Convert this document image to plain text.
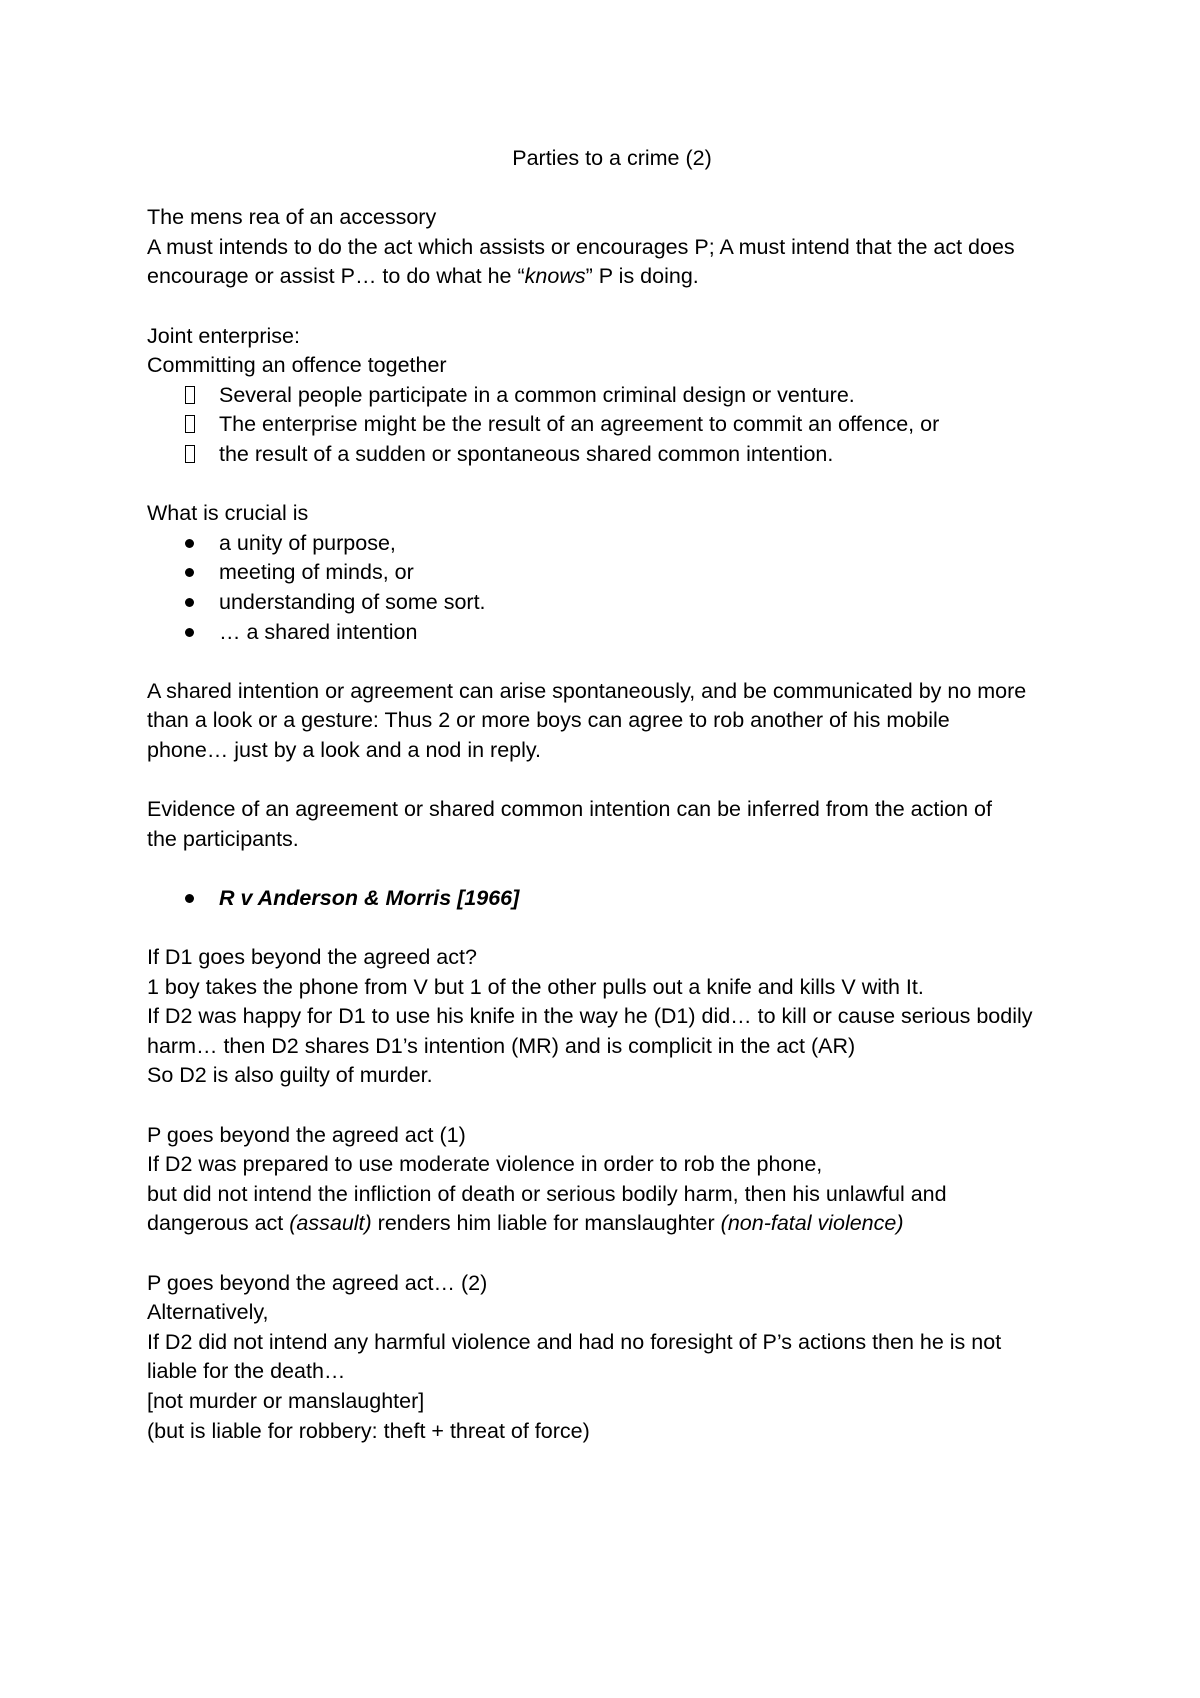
Parties to a crime (2)

The mens rea of an accessory

A must intends to do the act which assists or encourages P; A must intend that the act does

encourage or assist P… to do what he “knows” P is doing.

Joint enterprise:

Committing an offence together

Several people participate in a common criminal design or venture.
The enterprise might be the result of an agreement to commit an offence, or
the result of a sudden or spontaneous shared common intention.

What is crucial is

a unity of purpose,
meeting of minds, or
understanding of some sort.
… a shared intention

A shared intention or agreement can arise spontaneously, and be communicated by no more

than a look or a gesture: Thus 2 or more boys can agree to rob another of his mobile

phone… just by a look and a nod in reply.

Evidence of an agreement or shared common intention can be inferred from the action of

the participants.

R v Anderson & Morris [1966]

If D1 goes beyond the agreed act?

1 boy takes the phone from V but 1 of the other pulls out a knife and kills V with It.

If D2 was happy for D1 to use his knife in the way he (D1) did… to kill or cause serious bodily

harm… then D2 shares D1’s intention (MR) and is complicit in the act (AR)

So D2 is also guilty of murder.

P goes beyond the agreed act (1)

If D2 was prepared to use moderate violence in order to rob the phone,

but did not intend the infliction of death or serious bodily harm, then his unlawful and

dangerous act (assault) renders him liable for manslaughter (non-fatal violence)

P goes beyond the agreed act… (2)

Alternatively,

If D2 did not intend any harmful violence and had no foresight of P’s actions then he is not

liable for the death…

[not murder or manslaughter]

(but is liable for robbery: theft + threat of force)
